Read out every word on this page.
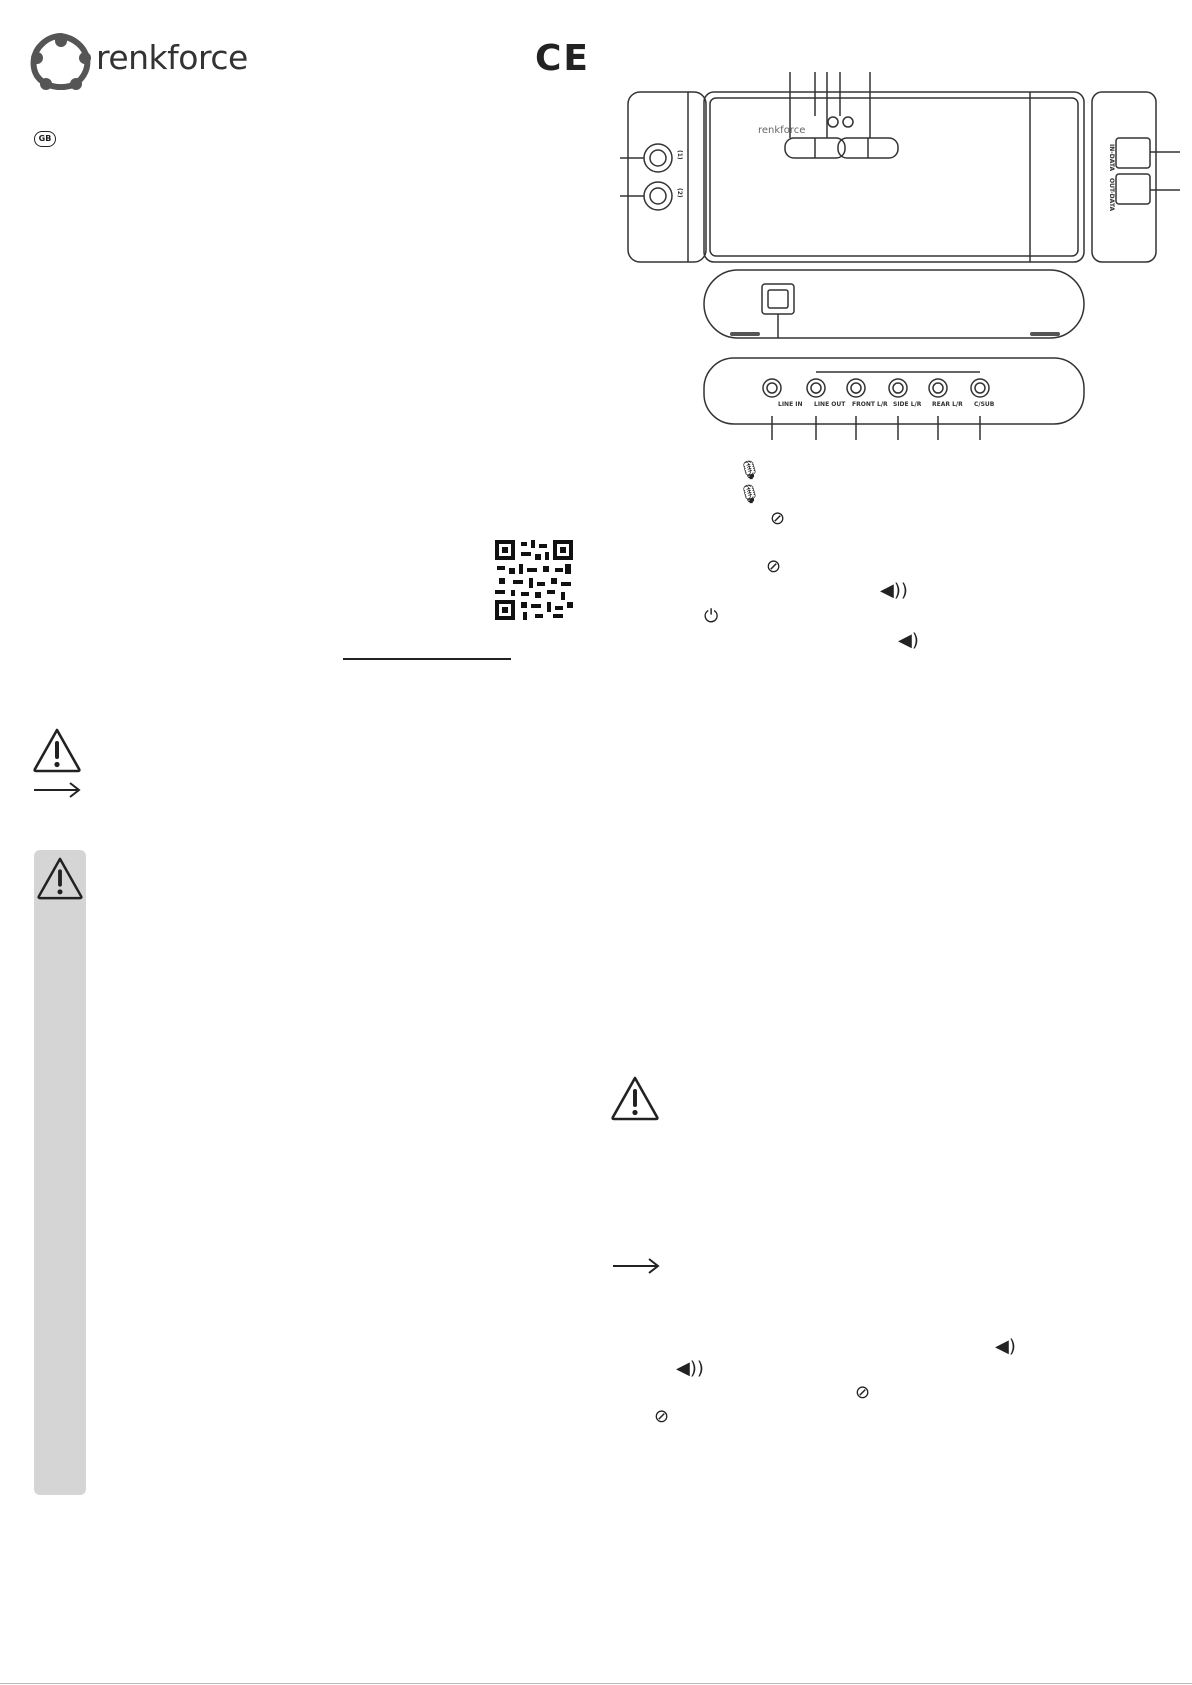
renkforce	CE
GB
renkforce
LINE IN LINE OUT FRONT L/R SIDE L/R REAR L/R C/SUB
IN-DATA
OUT-DATA
(1)
(2)
🎙
🎙
⊘
⊘
◀))
⏻
◀)
◀)
◀))
⊘
⊘
